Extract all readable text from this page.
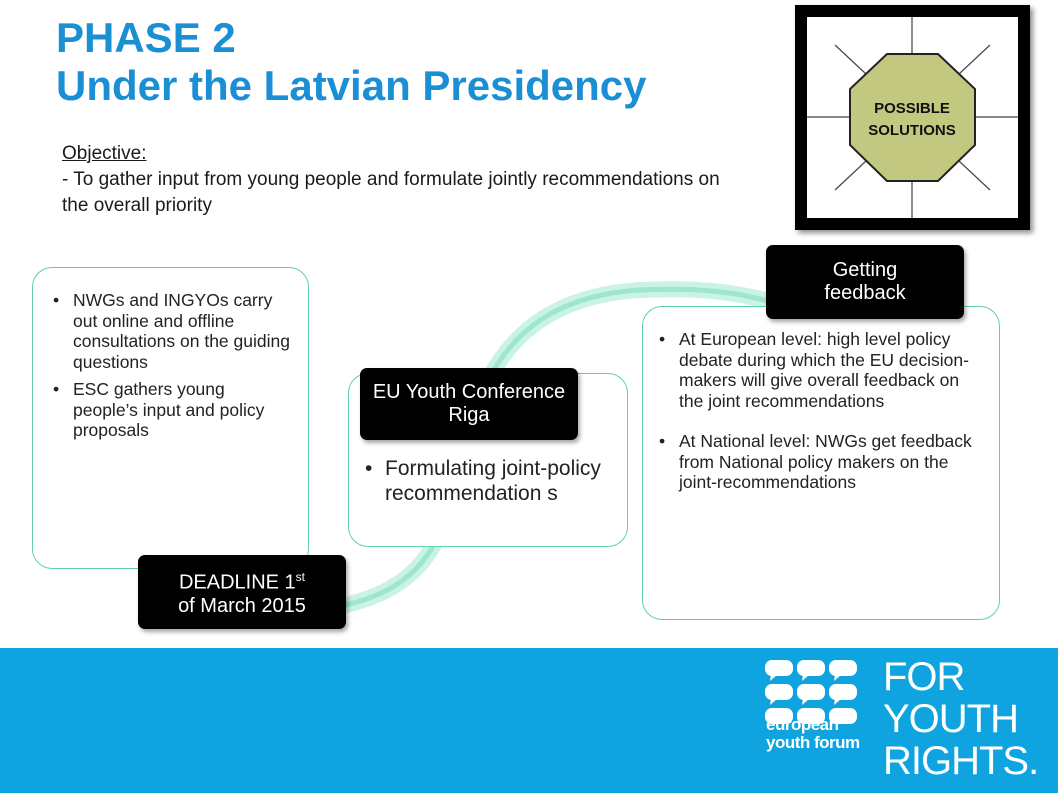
PHASE 2
Under the Latvian Presidency
Objective:
- To gather input from young people and formulate jointly recommendations on the overall priority
POSSIBLE
SOLUTIONS
• NWGs and INGYOs carry out online and offline consultations on the guiding questions
• ESC gathers young people’s input and policy proposals
• Formulating joint-policy recommendation s
• At European level: high level policy debate during which the EU decision-makers will give overall feedback on the joint recommendations
• At National level: NWGs get feedback from National policy makers on the joint-recommendations
DEADLINE 1st
of March 2015
EU Youth Conference Riga
Getting feedback
european
youth forum
FOR
YOUTH
RIGHTS.
